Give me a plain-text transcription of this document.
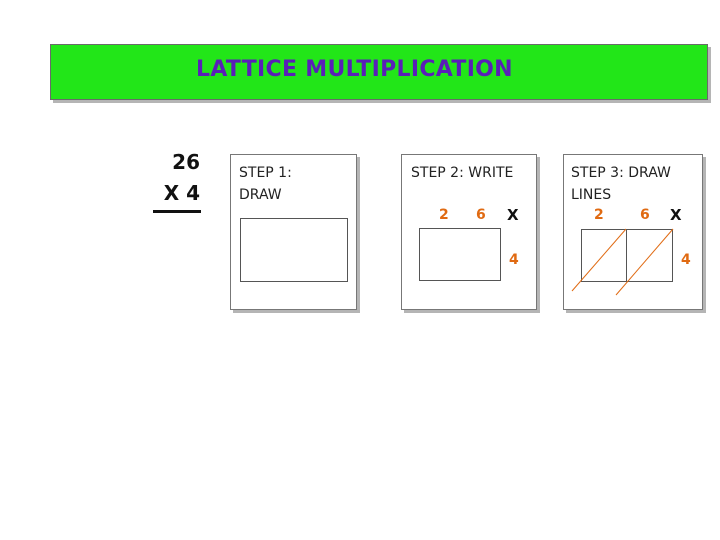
LATTICE MULTIPLICATION
26
X 4
STEP 1:
DRAW
STEP 2: WRITE
2 6 X
4
STEP 3: DRAW
LINES
2	6 X
4
